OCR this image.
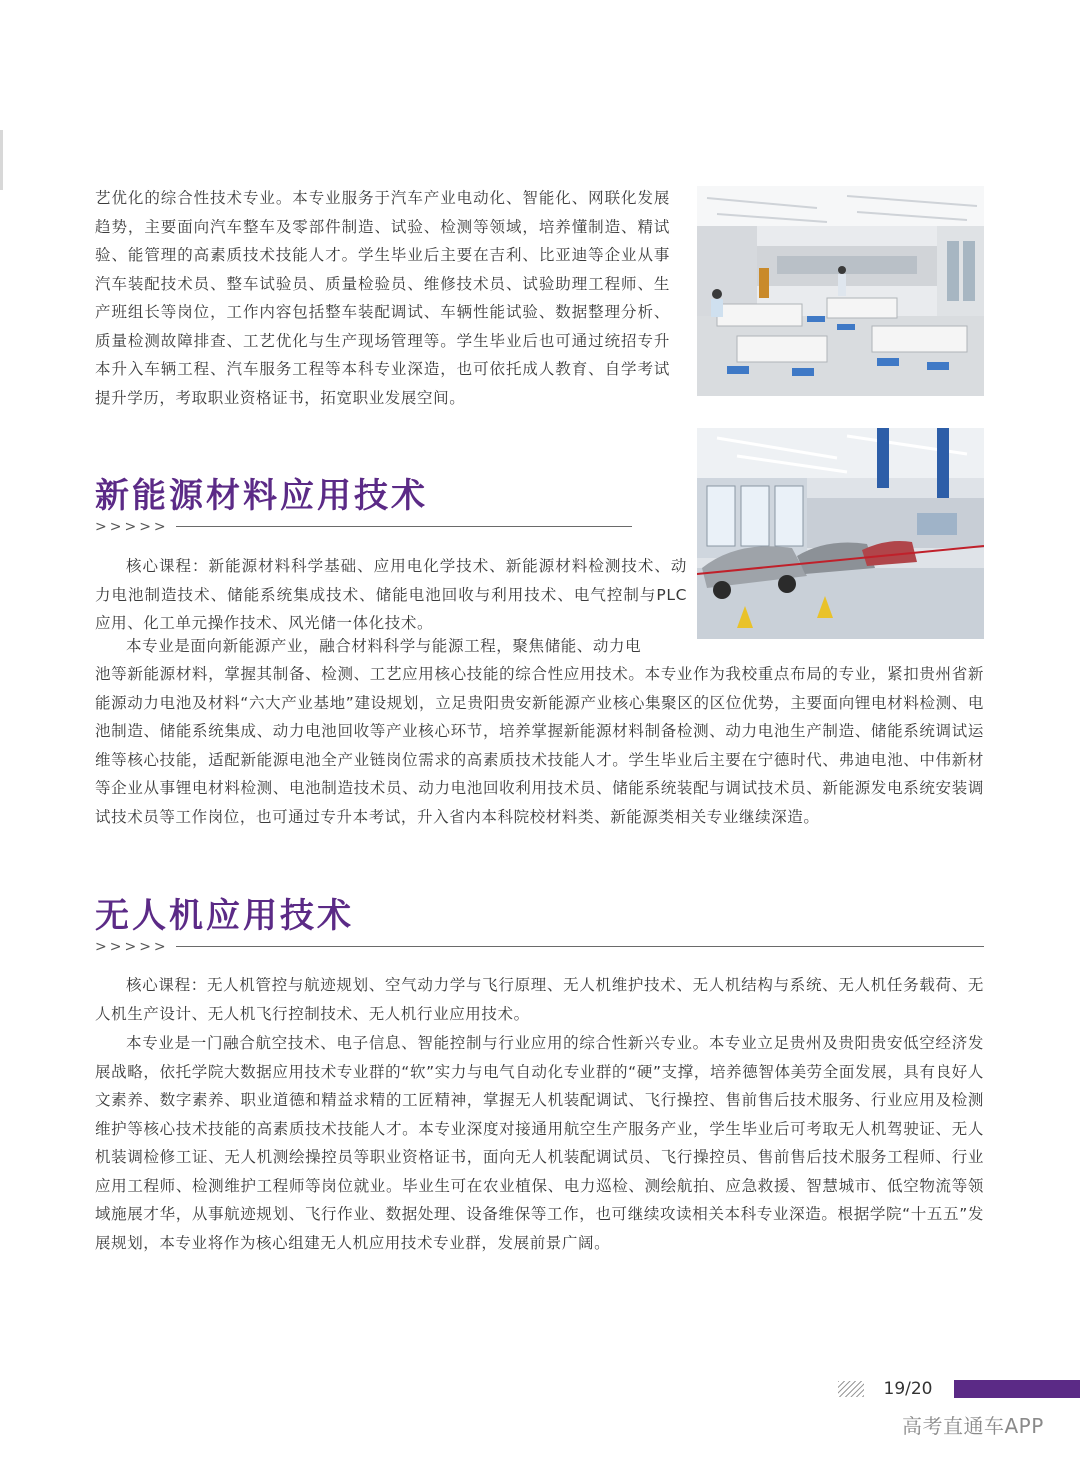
艺优化的综合性技术专业。本专业服务于汽车产业电动化、智能化、网联化发展趋势，主要面向汽车整车及零部件制造、试验、检测等领域，培养懂制造、精试验、能管理的高素质技术技能人才。学生毕业后主要在吉利、比亚迪等企业从事汽车装配技术员、整车试验员、质量检验员、维修技术员、试验助理工程师、生产班组长等岗位，工作内容包括整车装配调试、车辆性能试验、数据整理分析、质量检测故障排查、工艺优化与生产现场管理等。学生毕业后也可通过统招专升本升入车辆工程、汽车服务工程等本科专业深造，也可依托成人教育、自学考试提升学历，考取职业资格证书，拓宽职业发展空间。

新能源材料应用技术
>>>>>

核心课程：新能源材料科学基础、应用电化学技术、新能源材料检测技术、动力电池制造技术、储能系统集成技术、储能电池回收与利用技术、电气控制与PLC应用、化工单元操作技术、风光储一体化技术。

本专业是面向新能源产业，融合材料科学与能源工程，聚焦储能、动力电

池等新能源材料，掌握其制备、检测、工艺应用核心技能的综合性应用技术。本专业作为我校重点布局的专业，紧扣贵州省新能源动力电池及材料“六大产业基地”建设规划，立足贵阳贵安新能源产业核心集聚区的区位优势，主要面向锂电材料检测、电池制造、储能系统集成、动力电池回收等产业核心环节，培养掌握新能源材料制备检测、动力电池生产制造、储能系统调试运维等核心技能，适配新能源电池全产业链岗位需求的高素质技术技能人才。学生毕业后主要在宁德时代、弗迪电池、中伟新材等企业从事锂电材料检测、电池制造技术员、动力电池回收利用技术员、储能系统装配与调试技术员、新能源发电系统安装调试技术员等工作岗位，也可通过专升本考试，升入省内本科院校材料类、新能源类相关专业继续深造。

无人机应用技术
>>>>>

核心课程：无人机管控与航迹规划、空气动力学与飞行原理、无人机维护技术、无人机结构与系统、无人机任务载荷、无人机生产设计、无人机飞行控制技术、无人机行业应用技术。

本专业是一门融合航空技术、电子信息、智能控制与行业应用的综合性新兴专业。本专业立足贵州及贵阳贵安低空经济发展战略，依托学院大数据应用技术专业群的“软”实力与电气自动化专业群的“硬”支撑，培养德智体美劳全面发展，具有良好人文素养、数字素养、职业道德和精益求精的工匠精神，掌握无人机装配调试、飞行操控、售前售后技术服务、行业应用及检测维护等核心技术技能的高素质技术技能人才。本专业深度对接通用航空生产服务产业，学生毕业后可考取无人机驾驶证、无人机装调检修工证、无人机测绘操控员等职业资格证书，面向无人机装配调试员、飞行操控员、售前售后技术服务工程师、行业应用工程师、检测维护工程师等岗位就业。毕业生可在农业植保、电力巡检、测绘航拍、应急救援、智慧城市、低空物流等领域施展才华，从事航迹规划、飞行作业、数据处理、设备维保等工作，也可继续攻读相关本科专业深造。根据学院“十五五”发展规划，本专业将作为核心组建无人机应用技术专业群，发展前景广阔。

19/20
高考直通车APP
